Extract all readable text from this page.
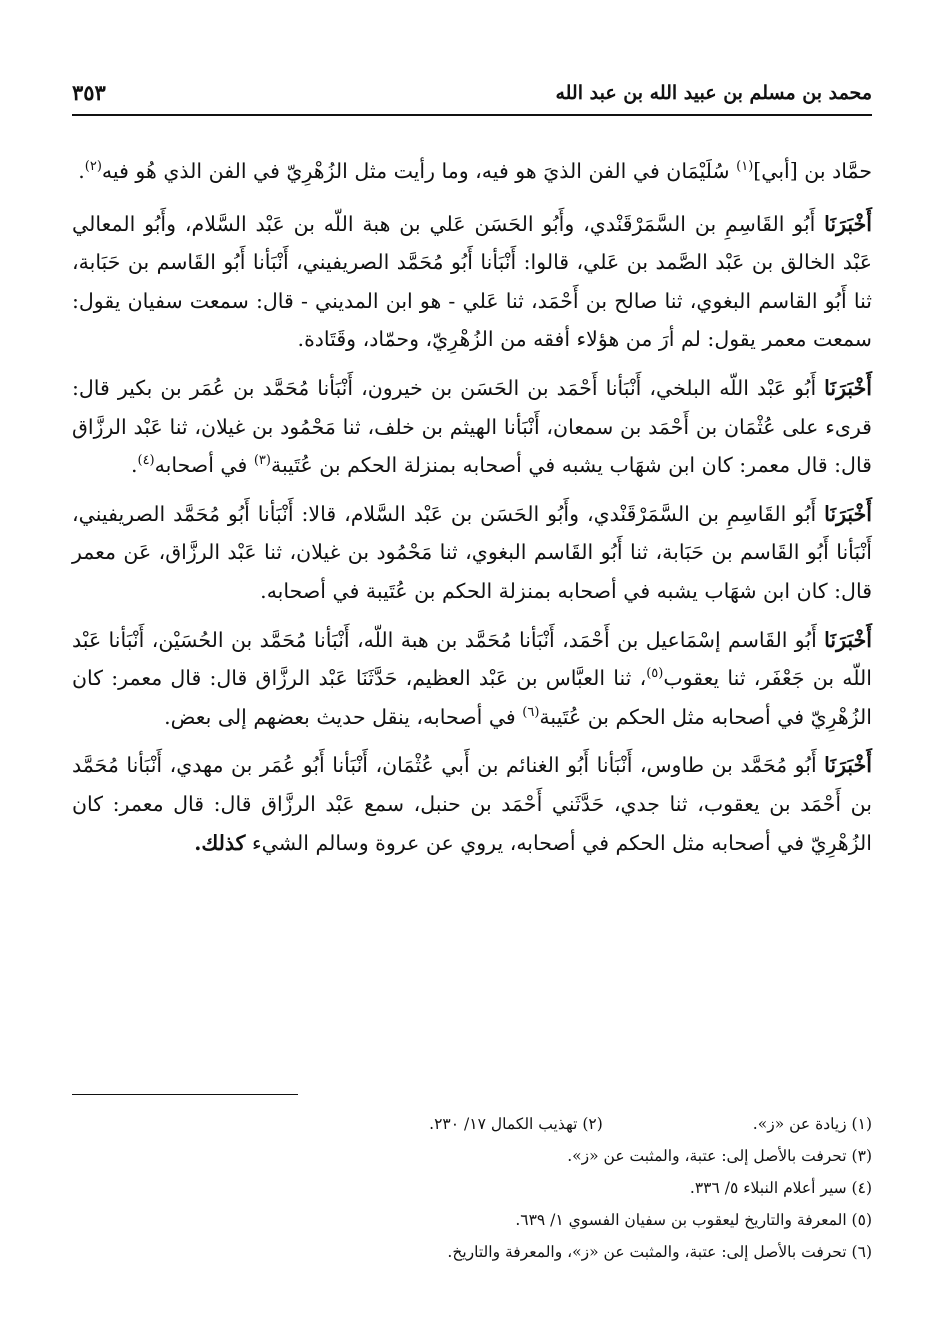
محمد بن مسلم بن عبيد الله بن عبد الله
٣٥٣

حمَّاد بن [أبي]$^{(١)}$ سُلَيْمَان في الفن الذيَ هو فيه، وما رأيت مثل الزُهْرِيّ في الفن الذي هُو فيه$^{(٢)}$.

أَخْبَرَنَا أَبُو القَاسِمِ بن السَّمَرْقَنْدي، وأَبُو الحَسَن عَلي بن هبة اللّه بن عَبْد السَّلام، وأَبُو المعالي عَبْد الخالق بن عَبْد الصَّمد بن عَلي، قالوا: أَنْبَأنا أَبُو مُحَمَّد الصريفيني، أَنْبَأنا أَبُو القَاسم بن حَبَابة، ثنا أَبُو القاسم البغوي، ثنا صالح بن أَحْمَد، ثنا عَلي - هو ابن المديني - قال: سمعت سفيان يقول: سمعت معمر يقول: لم أرَ من هؤلاء أفقه من الزُهْرِيّ، وحمّاد، وقَتَادة.

أَخْبَرَنَا أَبُو عَبْد اللّه البلخي، أَنْبَأنا أَحْمَد بن الحَسَن بن خيرون، أَنْبَأنا مُحَمَّد بن عُمَر بن بكير قال: قرىء على عُثْمَان بن أَحْمَد بن سمعان، أَنْبَأنا الهيثم بن خلف، ثنا مَحْمُود بن غيلان، ثنا عَبْد الرزَّاق قال: قال معمر: كان ابن شهَاب يشبه في أصحابه بمنزلة الحكم بن عُتَيبة$^{(٣)}$ في أصحابه$^{(٤)}$.

أَخْبَرَنَا أَبُو القَاسِمِ بن السَّمَرْقَنْدي، وأَبُو الحَسَن بن عَبْد السَّلام، قالا: أَنْبَأنا أَبُو مُحَمَّد الصريفيني، أَنْبَأنا أَبُو القَاسم بن حَبَابة، ثنا أَبُو القَاسم البغوي، ثنا مَحْمُود بن غيلان، ثنا عَبْد الرزَّاق، عَن معمر قال: كان ابن شهَاب يشبه في أصحابه بمنزلة الحكم بن عُتَيبة في أصحابه.

أَخْبَرَنَا أَبُو القَاسم إسْمَاعيل بن أَحْمَد، أَنْبَأنا مُحَمَّد بن هبة اللّه، أَنْبَأنا مُحَمَّد بن الحُسَيْن، أَنْبَأنا عَبْد اللّه بن جَعْفَر، ثنا يعقوب$^{(٥)}$، ثنا العبَّاس بن عَبْد العظيم، حَدَّثَنَا عَبْد الرزَّاق قال: قال معمر: كان الزُهْرِيّ في أصحابه مثل الحكم بن عُتَيبة$^{(٦)}$ في أصحابه، ينقل حديث بعضهم إلى بعض.

أَخْبَرَنَا أَبُو مُحَمَّد بن طاوس، أَنْبَأنا أَبُو الغنائم بن أَبي عُثْمَان، أَنْبَأنا أَبُو عُمَر بن مهدي، أَنْبَأنا مُحَمَّد بن أَحْمَد بن يعقوب، ثنا جدي، حَدَّثَني أَحْمَد بن حنبل، سمع عَبْد الرزَّاق قال: قال معمر: كان الزُهْرِيّ في أصحابه مثل الحكم في أصحابه، يروي عن عروة وسالم الشيء كذلك.

(١) زيادة عن «ز».
(٢) تهذيب الكمال ١٧/ ٢٣٠.
(٣) تحرفت بالأصل إلى: عتبة، والمثبت عن «ز».
(٤) سير أعلام النبلاء ٥/ ٣٣٦.
(٥) المعرفة والتاريخ ليعقوب بن سفيان الفسوي ١/ ٦٣٩.
(٦) تحرفت بالأصل إلى: عتبة، والمثبت عن «ز»، والمعرفة والتاريخ.
